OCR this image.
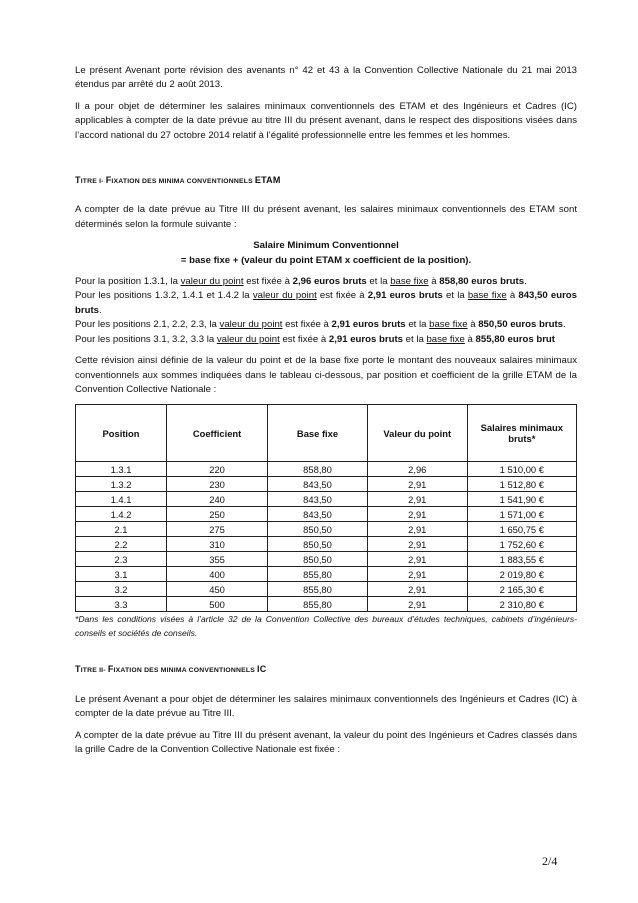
Le présent Avenant porte révision des avenants n° 42 et 43 à la Convention Collective Nationale du 21 mai 2013 étendus par arrêté du 2 août 2013.

Il a pour objet de déterminer les salaires minimaux conventionnels des ETAM et des Ingénieurs et Cadres (IC) applicables à compter de la date prévue au titre III du présent avenant, dans le respect des dispositions visées dans l’accord national du 27 octobre 2014 relatif à l’égalité professionnelle entre les femmes et les hommes.

TITRE I- FIXATION DES MINIMA CONVENTIONNELS ETAM

A compter de la date prévue au Titre III du présent avenant, les salaires minimaux conventionnels des ETAM sont déterminés selon la formule suivante :

Salaire Minimum Conventionnel

= base fixe + (valeur du point ETAM x coefficient de la position).

Pour la position 1.3.1, la valeur du point est fixée à 2,96 euros bruts et la base fixe à 858,80 euros bruts.

Pour les positions 1.3.2, 1.4.1 et 1.4.2 la valeur du point est fixée à 2,91 euros bruts et la base fixe à 843,50 euros bruts.

Pour les positions 2.1, 2.2, 2.3, la valeur du point est fixée à 2,91 euros bruts et la base fixe à 850,50 euros bruts.

Pour les positions 3.1, 3.2, 3.3 la valeur du point est fixée à 2,91 euros bruts et la base fixe à 855,80 euros brut

Cette révision ainsi définie de la valeur du point et de la base fixe porte le montant des nouveaux salaires minimaux conventionnels aux sommes indiquées dans le tableau ci-dessous, par position et coefficient de la grille ETAM de la Convention Collective Nationale :

Position	Coefficient	Base fixe	Valeur du point	Salaires minimaux bruts*
1.3.1	220	858,80	2,96	1 510,00 €
1.3.2	230	843,50	2,91	1 512,80 €
1.4.1	240	843,50	2,91	1 541,90 €
1.4.2	250	843,50	2,91	1 571,00 €
2.1	275	850,50	2,91	1 650,75 €
2.2	310	850,50	2,91	1 752,60 €
2.3	355	850,50	2,91	1 883,55 €
3.1	400	855,80	2,91	2 019,80 €
3.2	450	855,80	2,91	2 165,30 €
3.3	500	855,80	2,91	2 310,80 €

*Dans les conditions visées à l’article 32 de la Convention Collective des bureaux d’études techniques, cabinets d’ingénieurs-conseils et sociétés de conseils.

TITRE II- FIXATION DES MINIMA CONVENTIONNELS IC

Le présent Avenant a pour objet de déterminer les salaires minimaux conventionnels des Ingénieurs et Cadres (IC) à compter de la date prévue au Titre III.

A compter de la date prévue au Titre III du présent avenant, la valeur du point des Ingénieurs et Cadres classés dans la grille Cadre de la Convention Collective Nationale est fixée :

2/4
